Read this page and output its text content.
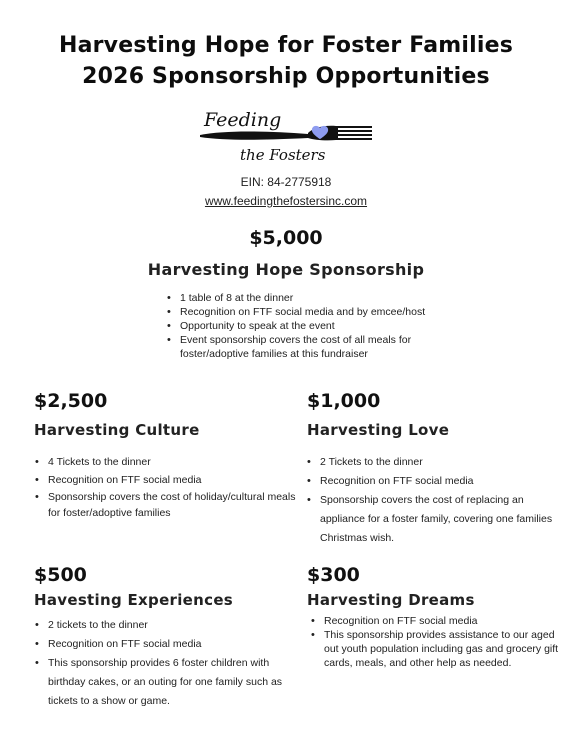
Harvesting Hope for Foster Families
2026 Sponsorship Opportunities
Feeding
the Fosters
EIN: 84-2775918
www.feedingthefostersinc.com
$5,000
Harvesting Hope Sponsorship
• 1 table of 8 at the dinner
• Recognition on FTF social media and by emcee/host
• Opportunity to speak at the event
• Event sponsorship covers the cost of all meals for foster/adoptive families at this fundraiser
$2,500
Harvesting Culture
• 4 Tickets to the dinner
• Recognition on FTF social media
• Sponsorship covers the cost of holiday/cultural meals for foster/adoptive families
$1,000
Harvesting Love
• 2 Tickets to the dinner
• Recognition on FTF social media
• Sponsorship covers the cost of replacing an appliance for a foster family, covering one families Christmas wish.
$500
Havesting Experiences
• 2 tickets to the dinner
• Recognition on FTF social media
• This sponsorship provides 6 foster children with birthday cakes, or an outing for one family such as tickets to a show or game.
$300
Harvesting Dreams
• Recognition on FTF social media
• This sponsorship provides assistance to our aged out youth population including gas and grocery gift cards, meals, and other help as needed.
